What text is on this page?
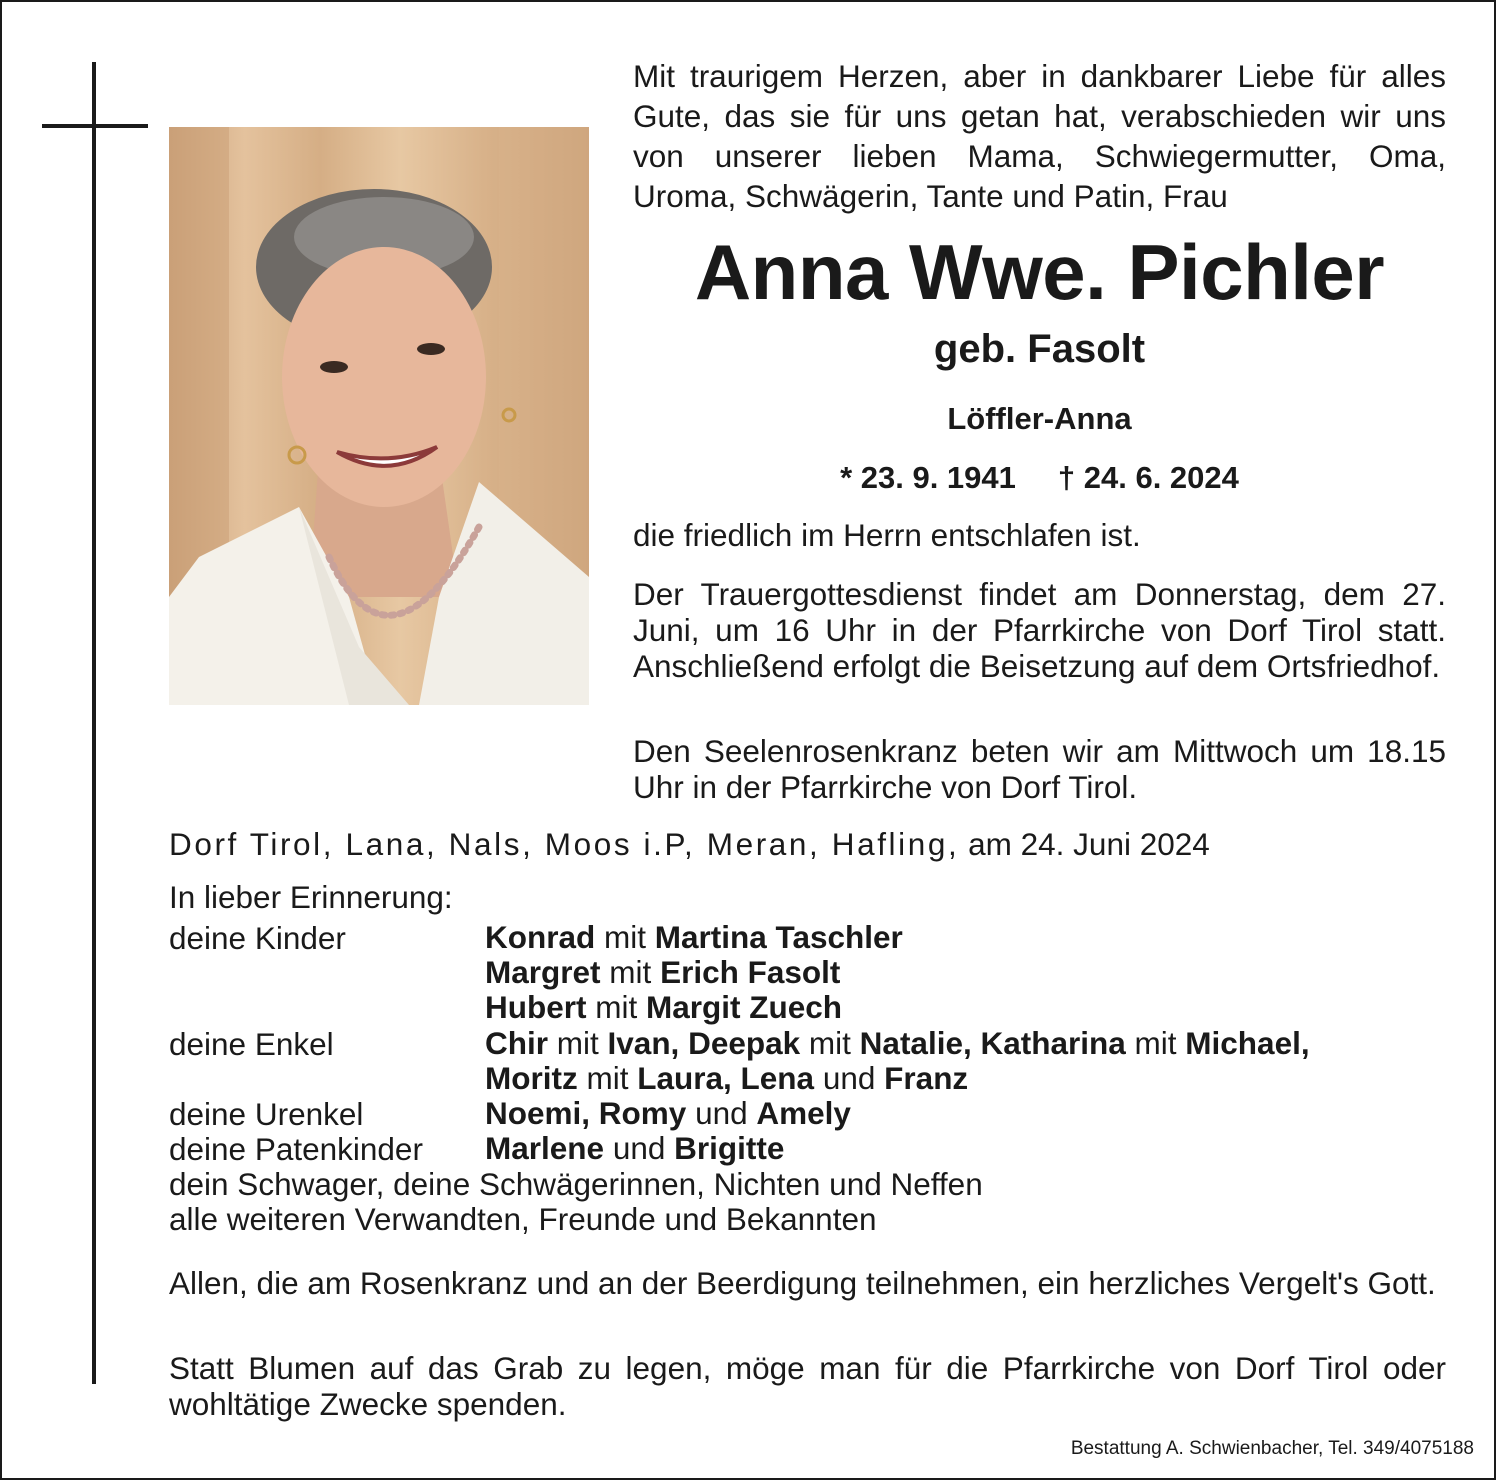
Mit traurigem Herzen, aber in dankbarer Liebe für alles Gute, das sie für uns getan hat, verabschieden wir uns von unserer lieben Mama, Schwiegermutter, Oma, Uroma, Schwägerin, Tante und Patin, Frau
Anna Wwe. Pichler
geb. Fasolt
Löffler-Anna
* 23. 9. 1941 † 24. 6. 2024
die friedlich im Herrn entschlafen ist.
Der Trauergottesdienst findet am Donnerstag, dem 27. Juni, um 16 Uhr in der Pfarrkirche von Dorf Tirol statt. Anschließend erfolgt die Beisetzung auf dem Ortsfriedhof.
Den Seelenrosenkranz beten wir am Mittwoch um 18.15 Uhr in der Pfarrkirche von Dorf Tirol.
Dorf Tirol, Lana, Nals, Moos i.P, Meran, Hafling, am 24. Juni 2024
In lieber Erinnerung:
deine Kinder	Konrad mit Martina Taschler
Margret mit Erich Fasolt
Hubert mit Margit Zuech
deine Enkel	Chir mit Ivan, Deepak mit Natalie, Katharina mit Michael,
Moritz mit Laura, Lena und Franz
deine Urenkel	Noemi, Romy und Amely
deine Patenkinder Marlene und Brigitte
dein Schwager, deine Schwägerinnen, Nichten und Neffen
alle weiteren Verwandten, Freunde und Bekannten
Allen, die am Rosenkranz und an der Beerdigung teilnehmen, ein herzliches Vergelt's Gott.
Statt Blumen auf das Grab zu legen, möge man für die Pfarrkirche von Dorf Tirol oder wohltätige Zwecke spenden.
Bestattung A. Schwienbacher, Tel. 349/4075188
